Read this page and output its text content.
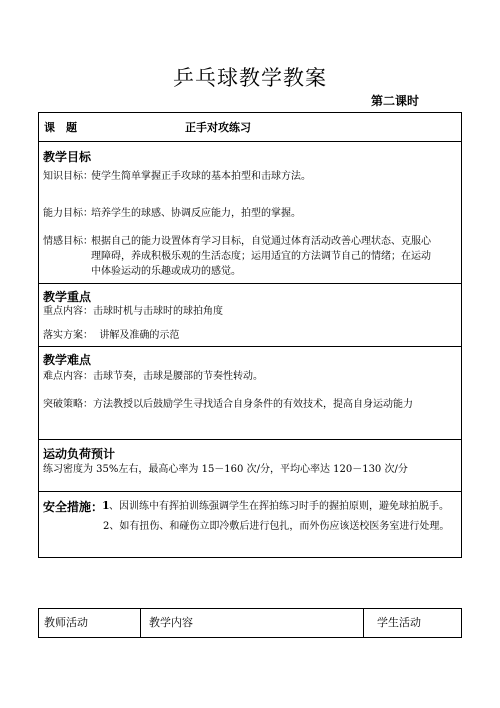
乒乓球教学教案
第二课时
课　题	正手对攻练习
教学目标
知识目标：
使学生简单掌握正手攻球的基本拍型和击球方法。
能力目标：
培养学生的球感、协调反应能力，拍型的掌握。
情感目标：
根据自己的能力设置体育学习目标，自觉通过体育活动改善心理状态、克服心
理障碍，养成积极乐观的生活态度；运用适宜的方法调节自己的情绪；在运动
中体验运动的乐趣或成功的感觉。
教学重点
重点内容：击球时机与击球时的球拍角度
落实方案：  讲解及准确的示范
教学难点
难点内容：击球节奏，击球是腰部的节奏性转动。
突破策略：方法教授以后鼓励学生寻找适合自身条件的有效技术，提高自身运动能力
运动负荷预计
练习密度为 35%左右，最高心率为 15－160 次/分，平均心率达 120－130 次/分
安全措施：
1 、因训练中有挥拍训练强调学生在挥拍练习时手的握拍原则，避免球拍脱手。
2、如有扭伤、和碰伤立即冷敷后进行包扎，而外伤应该送校医务室进行处理。
教师活动	教学内容	学生活动
